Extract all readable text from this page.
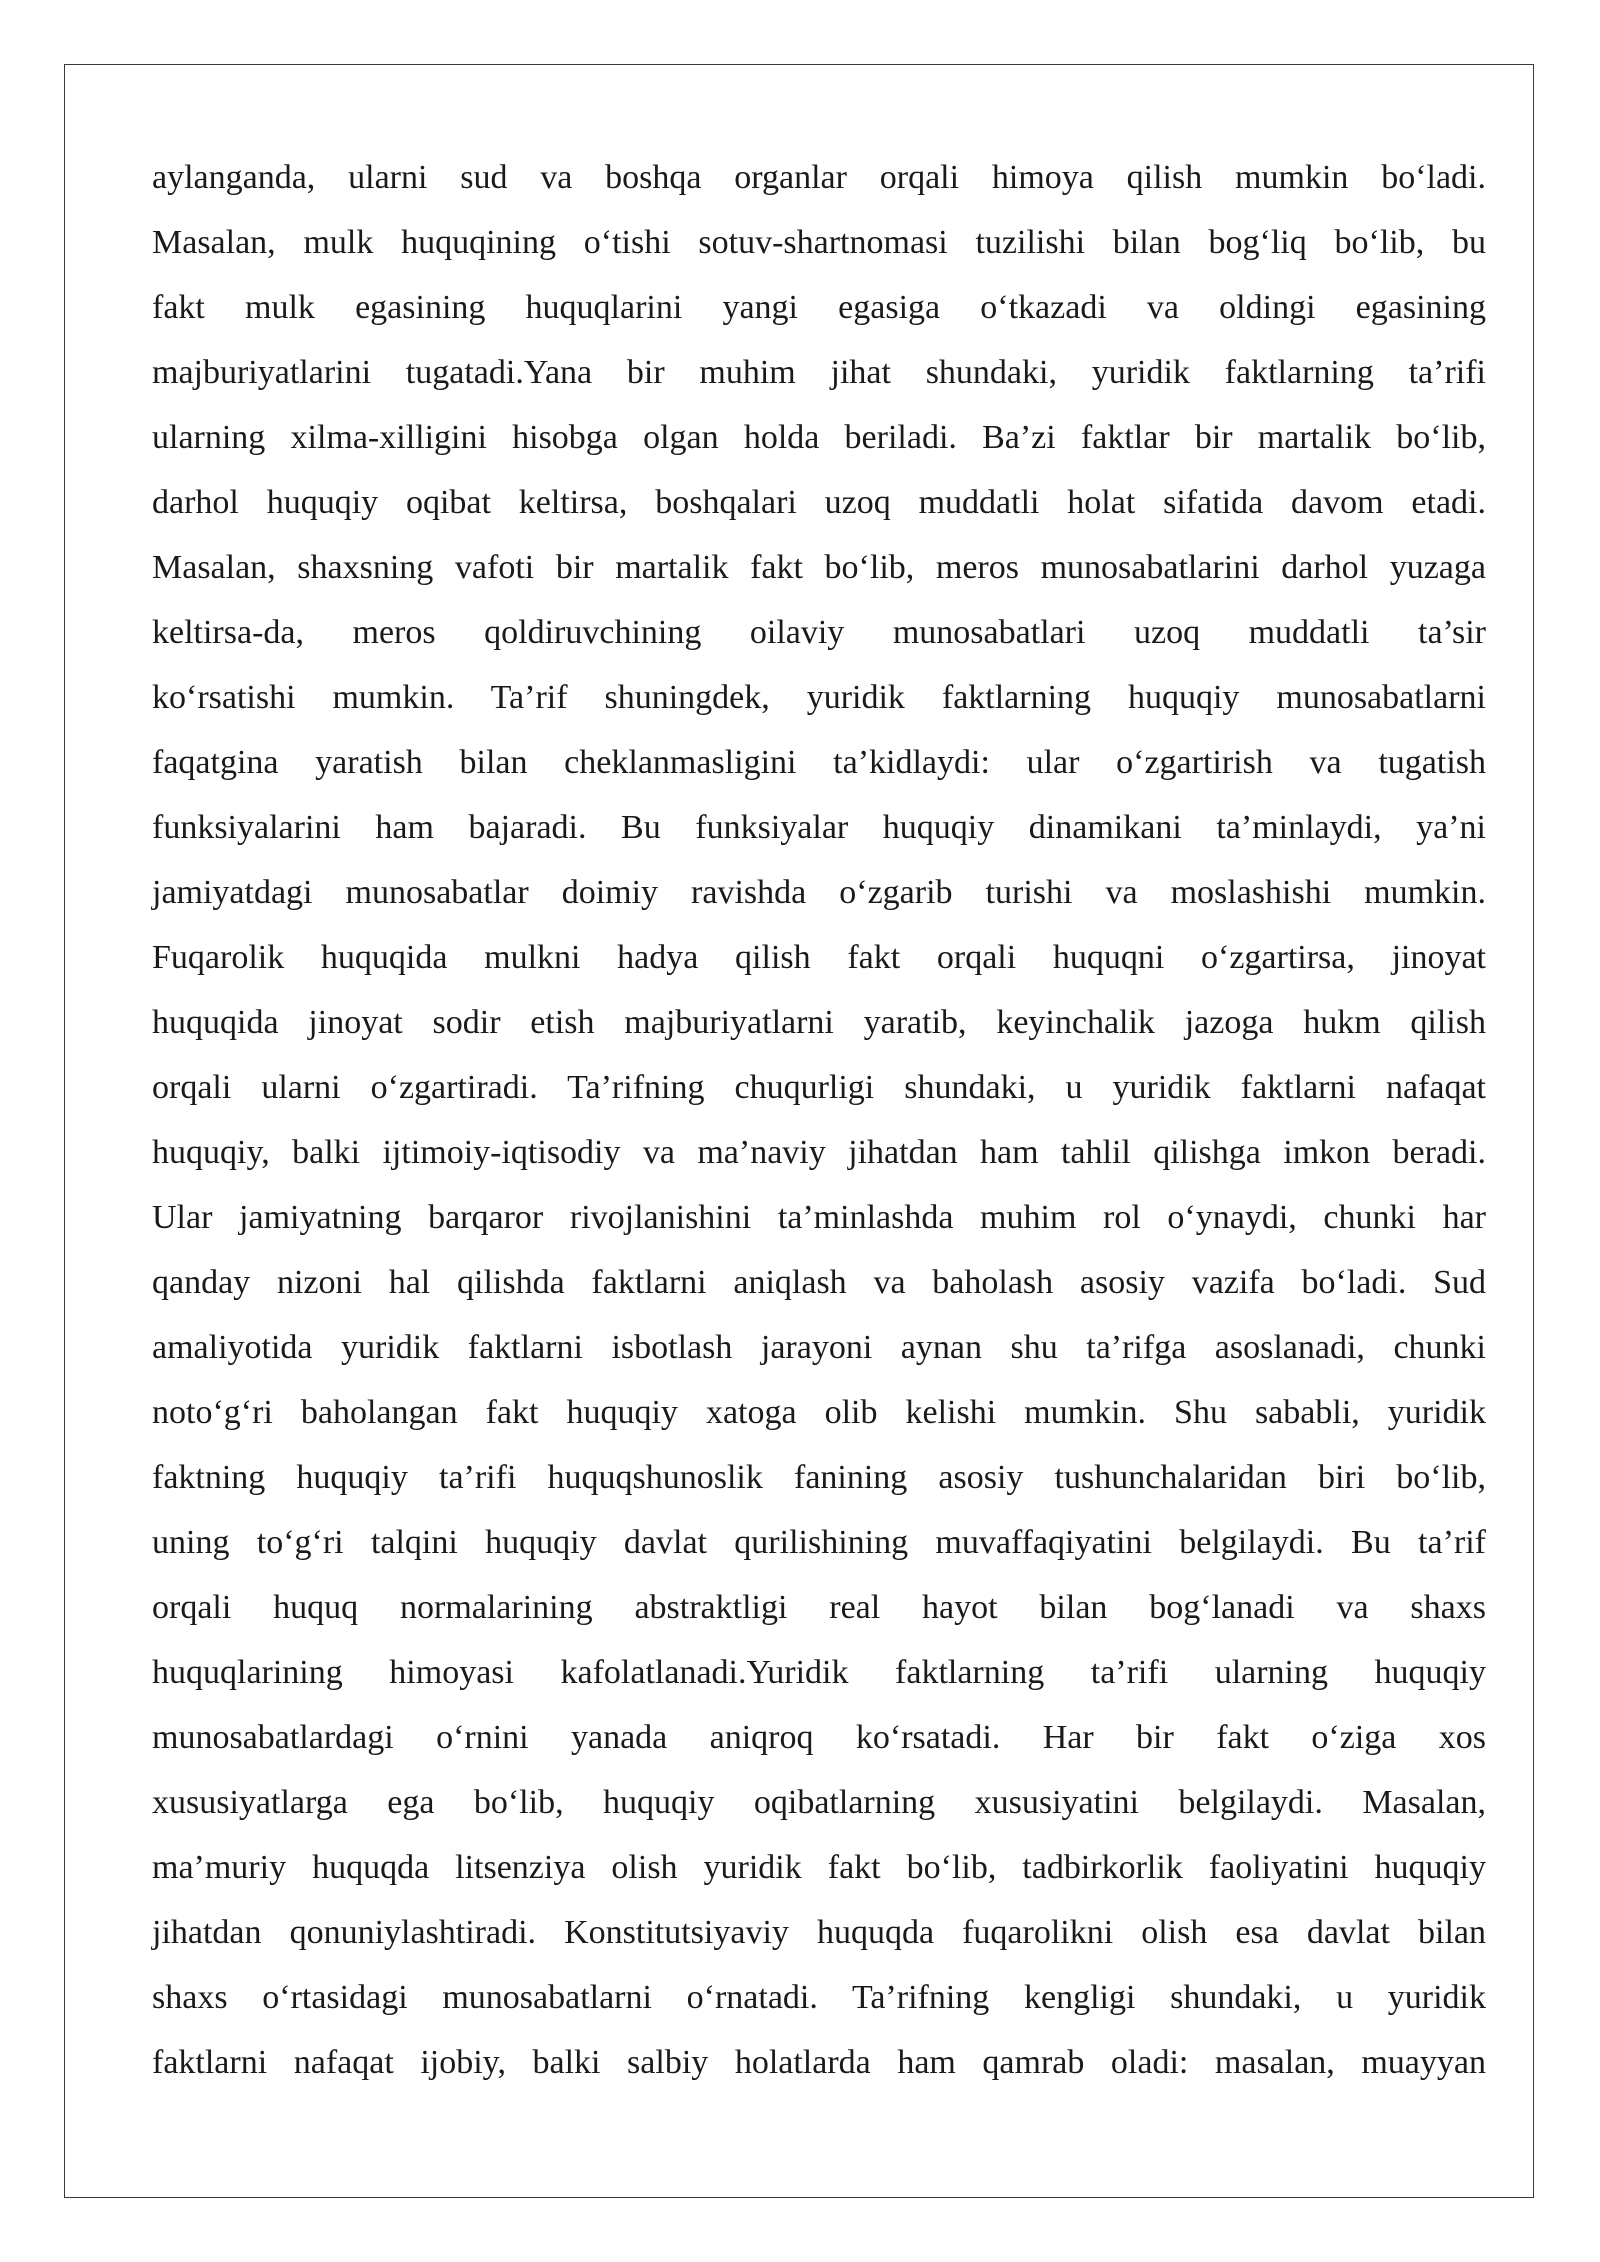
aylanganda, ularni sud va boshqa organlar orqali himoya qilish mumkin bo‘ladi.
Masalan, mulk huquqining o‘tishi sotuv-shartnomasi tuzilishi bilan bog‘liq bo‘lib, bu
fakt mulk egasining huquqlarini yangi egasiga o‘tkazadi va oldingi egasining
majburiyatlarini tugatadi.Yana bir muhim jihat shundaki, yuridik faktlarning ta’rifi
ularning xilma-xilligini hisobga olgan holda beriladi. Ba’zi faktlar bir martalik bo‘lib,
darhol huquqiy oqibat keltirsa, boshqalari uzoq muddatli holat sifatida davom etadi.
Masalan, shaxsning vafoti bir martalik fakt bo‘lib, meros munosabatlarini darhol yuzaga
keltirsa-da, meros qoldiruvchining oilaviy munosabatlari uzoq muddatli ta’sir
ko‘rsatishi mumkin. Ta’rif shuningdek, yuridik faktlarning huquqiy munosabatlarni
faqatgina yaratish bilan cheklanmasligini ta’kidlaydi: ular o‘zgartirish va tugatish
funksiyalarini ham bajaradi. Bu funksiyalar huquqiy dinamikani ta’minlaydi, ya’ni
jamiyatdagi munosabatlar doimiy ravishda o‘zgarib turishi va moslashishi mumkin.
Fuqarolik huquqida mulkni hadya qilish fakt orqali huquqni o‘zgartirsa, jinoyat
huquqida jinoyat sodir etish majburiyatlarni yaratib, keyinchalik jazoga hukm qilish
orqali ularni o‘zgartiradi. Ta’rifning chuqurligi shundaki, u yuridik faktlarni nafaqat
huquqiy, balki ijtimoiy-iqtisodiy va ma’naviy jihatdan ham tahlil qilishga imkon beradi.
Ular jamiyatning barqaror rivojlanishini ta’minlashda muhim rol o‘ynaydi, chunki har
qanday nizoni hal qilishda faktlarni aniqlash va baholash asosiy vazifa bo‘ladi. Sud
amaliyotida yuridik faktlarni isbotlash jarayoni aynan shu ta’rifga asoslanadi, chunki
noto‘g‘ri baholangan fakt huquqiy xatoga olib kelishi mumkin. Shu sababli, yuridik
faktning huquqiy ta’rifi huquqshunoslik fanining asosiy tushunchalaridan biri bo‘lib,
uning to‘g‘ri talqini huquqiy davlat qurilishining muvaffaqiyatini belgilaydi. Bu ta’rif
orqali huquq normalarining abstraktligi real hayot bilan bog‘lanadi va shaxs
huquqlarining himoyasi kafolatlanadi.Yuridik faktlarning ta’rifi ularning huquqiy
munosabatlardagi o‘rnini yanada aniqroq ko‘rsatadi. Har bir fakt o‘ziga xos
xususiyatlarga ega bo‘lib, huquqiy oqibatlarning xususiyatini belgilaydi. Masalan,
ma’muriy huquqda litsenziya olish yuridik fakt bo‘lib, tadbirkorlik faoliyatini huquqiy
jihatdan qonuniylashtiradi. Konstitutsiyaviy huquqda fuqarolikni olish esa davlat bilan
shaxs o‘rtasidagi munosabatlarni o‘rnatadi. Ta’rifning kengligi shundaki, u yuridik
faktlarni nafaqat ijobiy, balki salbiy holatlarda ham qamrab oladi: masalan, muayyan
